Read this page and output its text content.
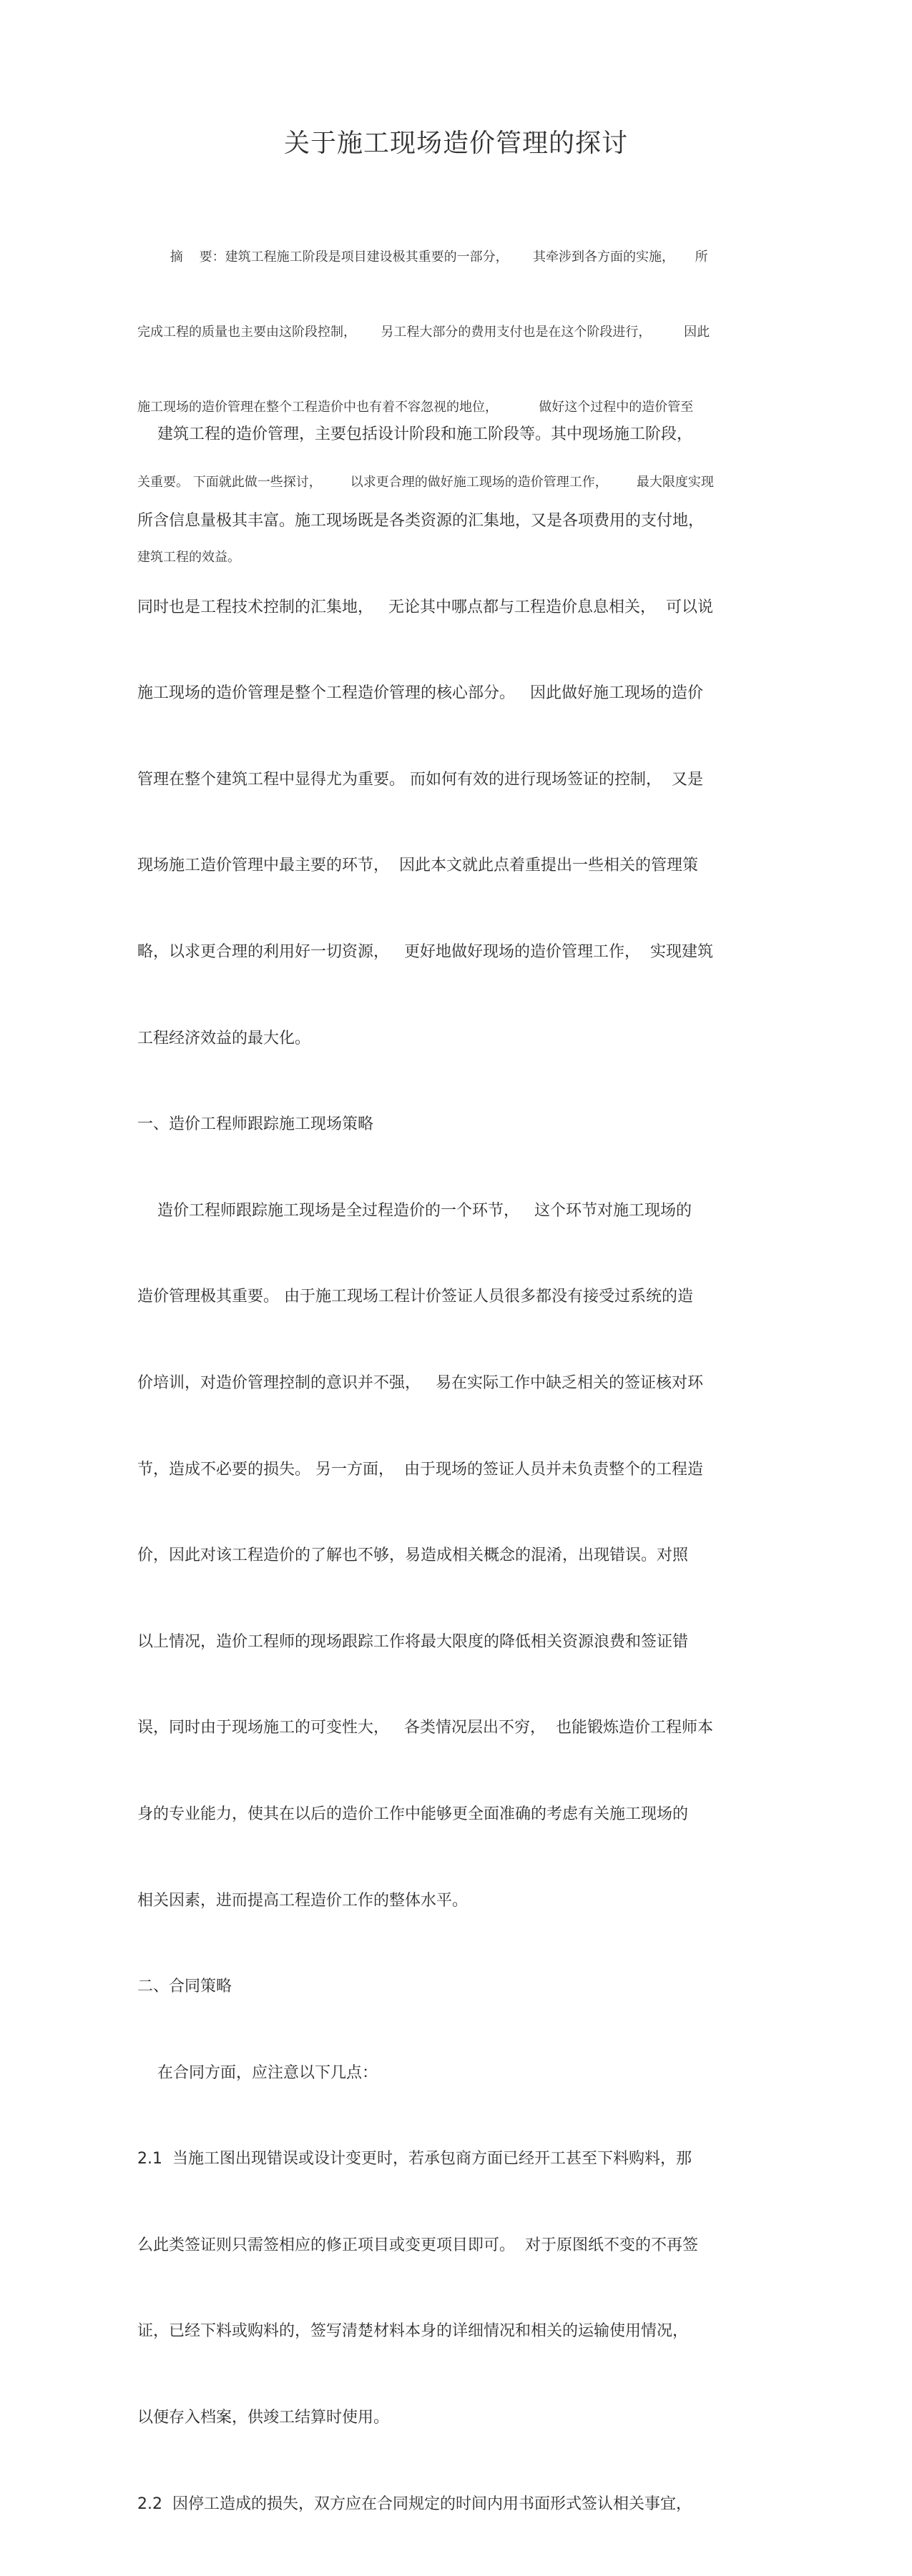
关于施工现场造价管理的探讨

摘    要：建筑工程施工阶段是项目建设极其重要的一部分，      其牵涉到各方面的实施，     所

完成工程的质量也主要由这阶段控制，      另工程大部分的费用支付也是在这个阶段进行，        因此

施工现场的造价管理在整个工程造价中也有着不容忽视的地位，          做好这个过程中的造价管至

关重要。 下面就此做一些探讨，       以求更合理的做好施工现场的造价管理工作，       最大限度实现

建筑工程的效益。

建筑工程的造价管理，主要包括设计阶段和施工阶段等。其中现场施工阶段，

所含信息量极其丰富。施工现场既是各类资源的汇集地，又是各项费用的支付地，

同时也是工程技术控制的汇集地，   无论其中哪点都与工程造价息息相关，  可以说

施工现场的造价管理是整个工程造价管理的核心部分。   因此做好施工现场的造价

管理在整个建筑工程中显得尤为重要。 而如何有效的进行现场签证的控制，  又是

现场施工造价管理中最主要的环节，  因此本文就此点着重提出一些相关的管理策

略，以求更合理的利用好一切资源，   更好地做好现场的造价管理工作，  实现建筑

工程经济效益的最大化。

一、造价工程师跟踪施工现场策略

造价工程师跟踪施工现场是全过程造价的一个环节，   这个环节对施工现场的

造价管理极其重要。 由于施工现场工程计价签证人员很多都没有接受过系统的造

价培训，对造价管理控制的意识并不强，   易在实际工作中缺乏相关的签证核对环

节，造成不必要的损失。 另一方面，  由于现场的签证人员并未负责整个的工程造

价，因此对该工程造价的了解也不够，易造成相关概念的混淆，出现错误。对照

以上情况，造价工程师的现场跟踪工作将最大限度的降低相关资源浪费和签证错

误，同时由于现场施工的可变性大，   各类情况层出不穷，  也能锻炼造价工程师本

身的专业能力，使其在以后的造价工作中能够更全面准确的考虑有关施工现场的

相关因素，进而提高工程造价工作的整体水平。

二、合同策略

在合同方面，应注意以下几点：

2.1  当施工图出现错误或设计变更时，若承包商方面已经开工甚至下料购料，那

么此类签证则只需签相应的修正项目或变更项目即可。  对于原图纸不变的不再签

证，已经下料或购料的，签写清楚材料本身的详细情况和相关的运输使用情况，

以便存入档案，供竣工结算时使用。

2.2  因停工造成的损失，双方应在合同规定的时间内用书面形式签认相关事宜，
